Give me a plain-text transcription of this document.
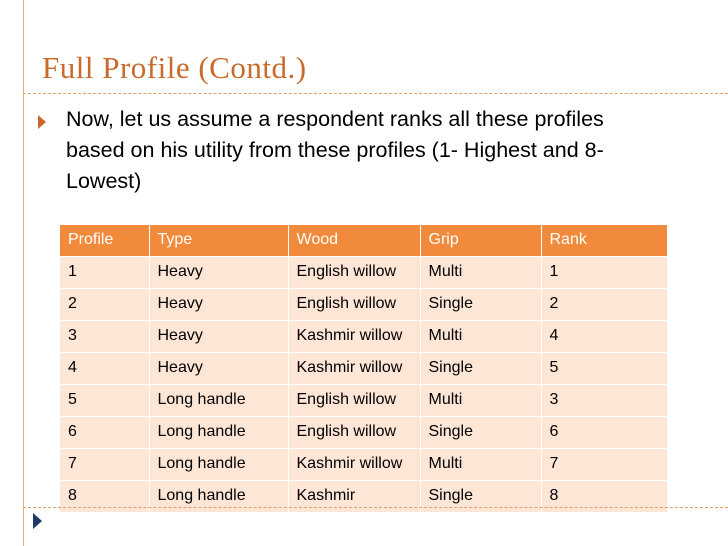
Full Profile (Contd.)
Now, let us assume a respondent ranks all these profiles based on his utility from these profiles (1- Highest and 8- Lowest)
Profile	Type	Wood	Grip	Rank
1	Heavy	English willow	Multi	1
2	Heavy	English willow	Single	2
3	Heavy	Kashmir willow	Multi	4
4	Heavy	Kashmir willow	Single	5
5	Long handle	English willow	Multi	3
6	Long handle	English willow	Single	6
7	Long handle	Kashmir willow	Multi	7
8	Long handle	Kashmir	Single	8
